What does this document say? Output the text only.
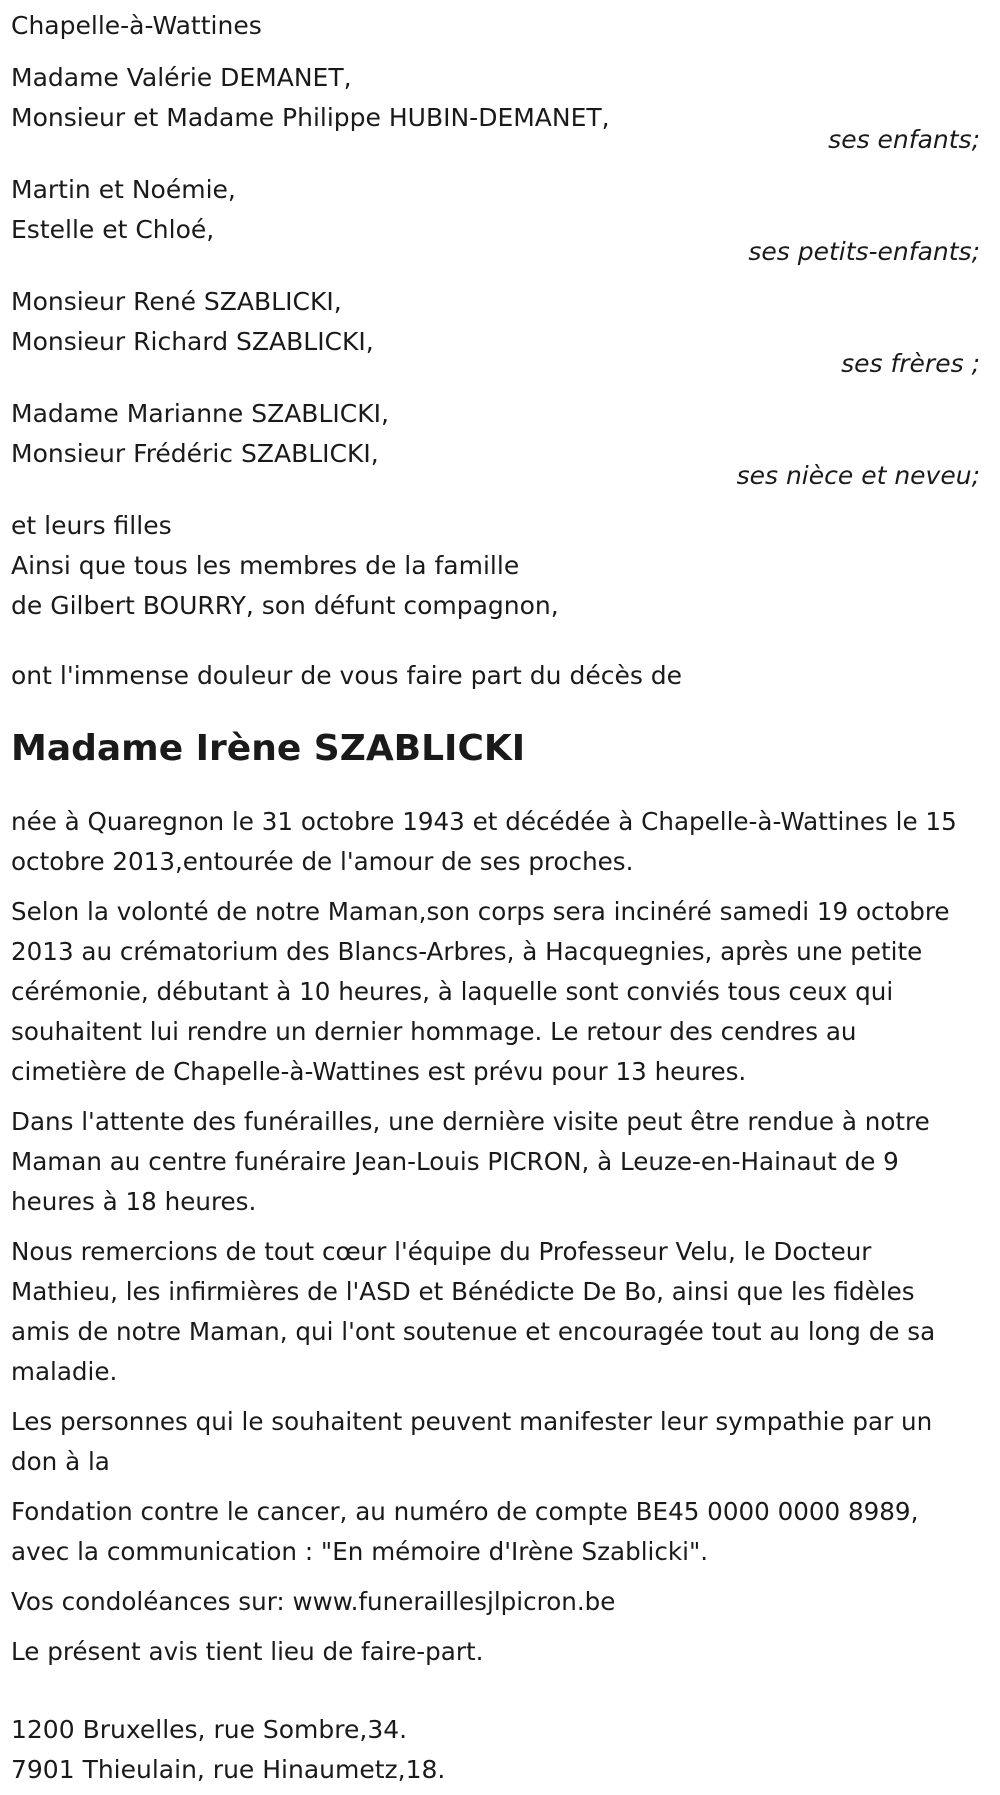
Chapelle-à-Wattines
Madame Valérie DEMANET,
Monsieur et Madame Philippe HUBIN-DEMANET,
ses enfants;
Martin et Noémie,
Estelle et Chloé,
ses petits-enfants;
Monsieur René SZABLICKI,
Monsieur Richard SZABLICKI,
ses frères ;
Madame Marianne SZABLICKI,
Monsieur Frédéric SZABLICKI,
ses nièce et neveu;
et leurs filles
Ainsi que tous les membres de la famille
de Gilbert BOURRY, son défunt compagnon,
ont l'immense douleur de vous faire part du décès de
Madame Irène SZABLICKI

née à Quaregnon le 31 octobre 1943 et décédée à Chapelle-à-Wattines le 15 octobre 2013,entourée de l'amour de ses proches.

Selon la volonté de notre Maman,son corps sera incinéré samedi 19 octobre 2013 au crématorium des Blancs-Arbres, à Hacquegnies, après une petite cérémonie, débutant à 10 heures, à laquelle sont conviés tous ceux qui souhaitent lui rendre un dernier hommage. Le retour des cendres au cimetière de Chapelle-à-Wattines est prévu pour 13 heures.

Dans l'attente des funérailles, une dernière visite peut être rendue à notre Maman au centre funéraire Jean-Louis PICRON, à Leuze-en-Hainaut de 9 heures à 18 heures.

Nous remercions de tout cœur l'équipe du Professeur Velu, le Docteur Mathieu, les infirmières de l'ASD et Bénédicte De Bo, ainsi que les fidèles amis de notre Maman, qui l'ont soutenue et encouragée tout au long de sa maladie.

Les personnes qui le souhaitent peuvent manifester leur sympathie par un don à la

Fondation contre le cancer, au numéro de compte BE45 0000 0000 8989, avec la communication : "En mémoire d'Irène Szablicki".

Vos condoléances sur: www.funeraillesjlpicron.be

Le présent avis tient lieu de faire-part.

1200 Bruxelles, rue Sombre,34.
7901 Thieulain, rue Hinaumetz,18.
